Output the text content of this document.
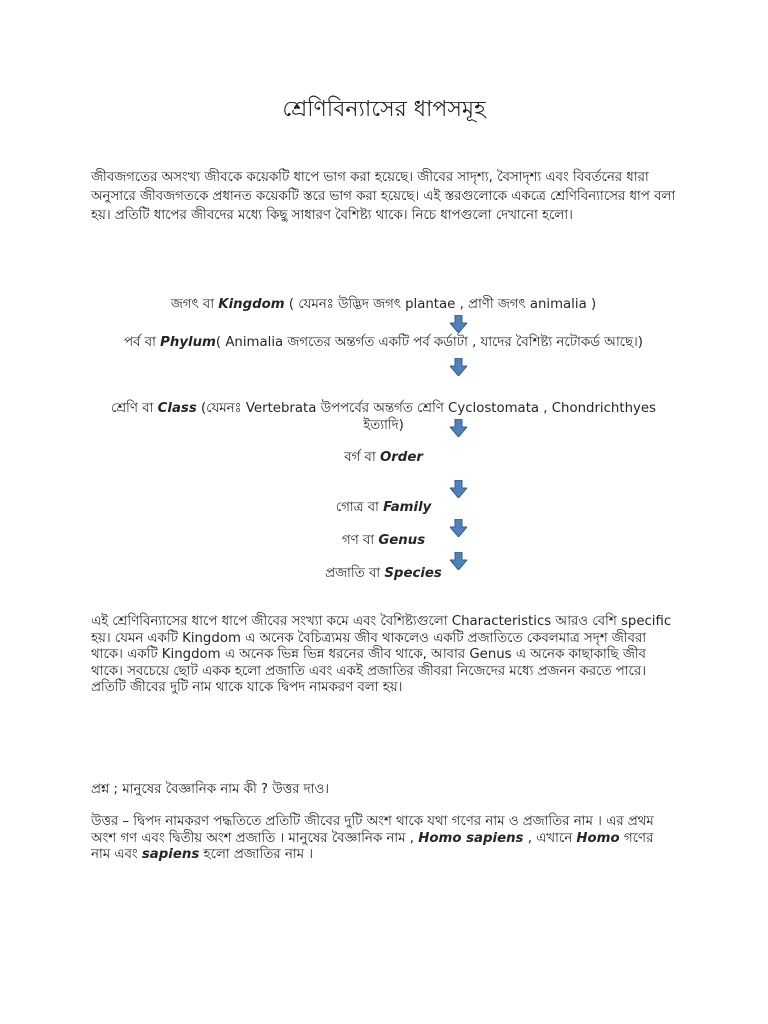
শ্রেণিবিন্যাসের ধাপসমূহ

জীবজগতের অসংখ্য জীবকে কয়েকটি ধাপে ভাগ করা হয়েছে। জীবের সাদৃশ্য, বৈসাদৃশ্য এবং বিবর্তনের ধারা অনুসারে জীবজগতকে প্রধানত কয়েকটি স্তরে ভাগ করা হয়েছে। এই স্তরগুলোকে একত্রে শ্রেণিবিন্যাসের ধাপ বলা হয়। প্রতিটি ধাপের জীবদের মধ্যে কিছু সাধারণ বৈশিষ্ট্য থাকে। নিচে ধাপগুলো দেখানো হলো।

জগৎ বা Kingdom ( যেমনঃ উদ্ভিদ জগৎ plantae , প্রাণী জগৎ animalia )
পর্ব বা Phylum( Animalia জগতের অন্তর্গত একটি পর্ব কর্ডাটা , যাদের বৈশিষ্ট্য নটোকর্ড আছে।)
শ্রেণি বা Class (যেমনঃ Vertebrata উপপর্বের অন্তর্গত শ্রেণি Cyclostomata , Chondrichthyes ইত্যাদি)
বর্গ বা Order
গোত্র বা Family
গণ বা Genus
প্রজাতি বা Species

এই শ্রেণিবিন্যাসের ধাপে ধাপে জীবের সংখ্যা কমে এবং বৈশিষ্ট্যগুলো Characteristics আরও বেশি specific হয়। যেমন একটি Kingdom এ অনেক বৈচিত্র্যময় জীব থাকলেও একটি প্রজাতিতে কেবলমাত্র সদৃশ জীবরা থাকে। একটি Kingdom এ অনেক ভিন্ন ভিন্ন ধরনের জীব থাকে, আবার Genus এ অনেক কাছাকাছি জীব থাকে। সবচেয়ে ছোট একক হলো প্রজাতি এবং একই প্রজাতির জীবরা নিজেদের মধ্যে প্রজনন করতে পারে। প্রতিটি জীবের দুটি নাম থাকে যাকে দ্বিপদ নামকরণ বলা হয়।

প্রশ্ন ; মানুষের বৈজ্ঞানিক নাম কী ? উত্তর দাও।

উত্তর – দ্বিপদ নামকরণ পদ্ধতিতে প্রতিটি জীবের দুটি অংশ থাকে যথা গণের নাম ও প্রজাতির নাম । এর প্রথম অংশ গণ এবং দ্বিতীয় অংশ প্রজাতি । মানুষের বৈজ্ঞানিক নাম , Homo sapiens , এখানে Homo গণের নাম এবং sapiens হলো প্রজাতির নাম ।
